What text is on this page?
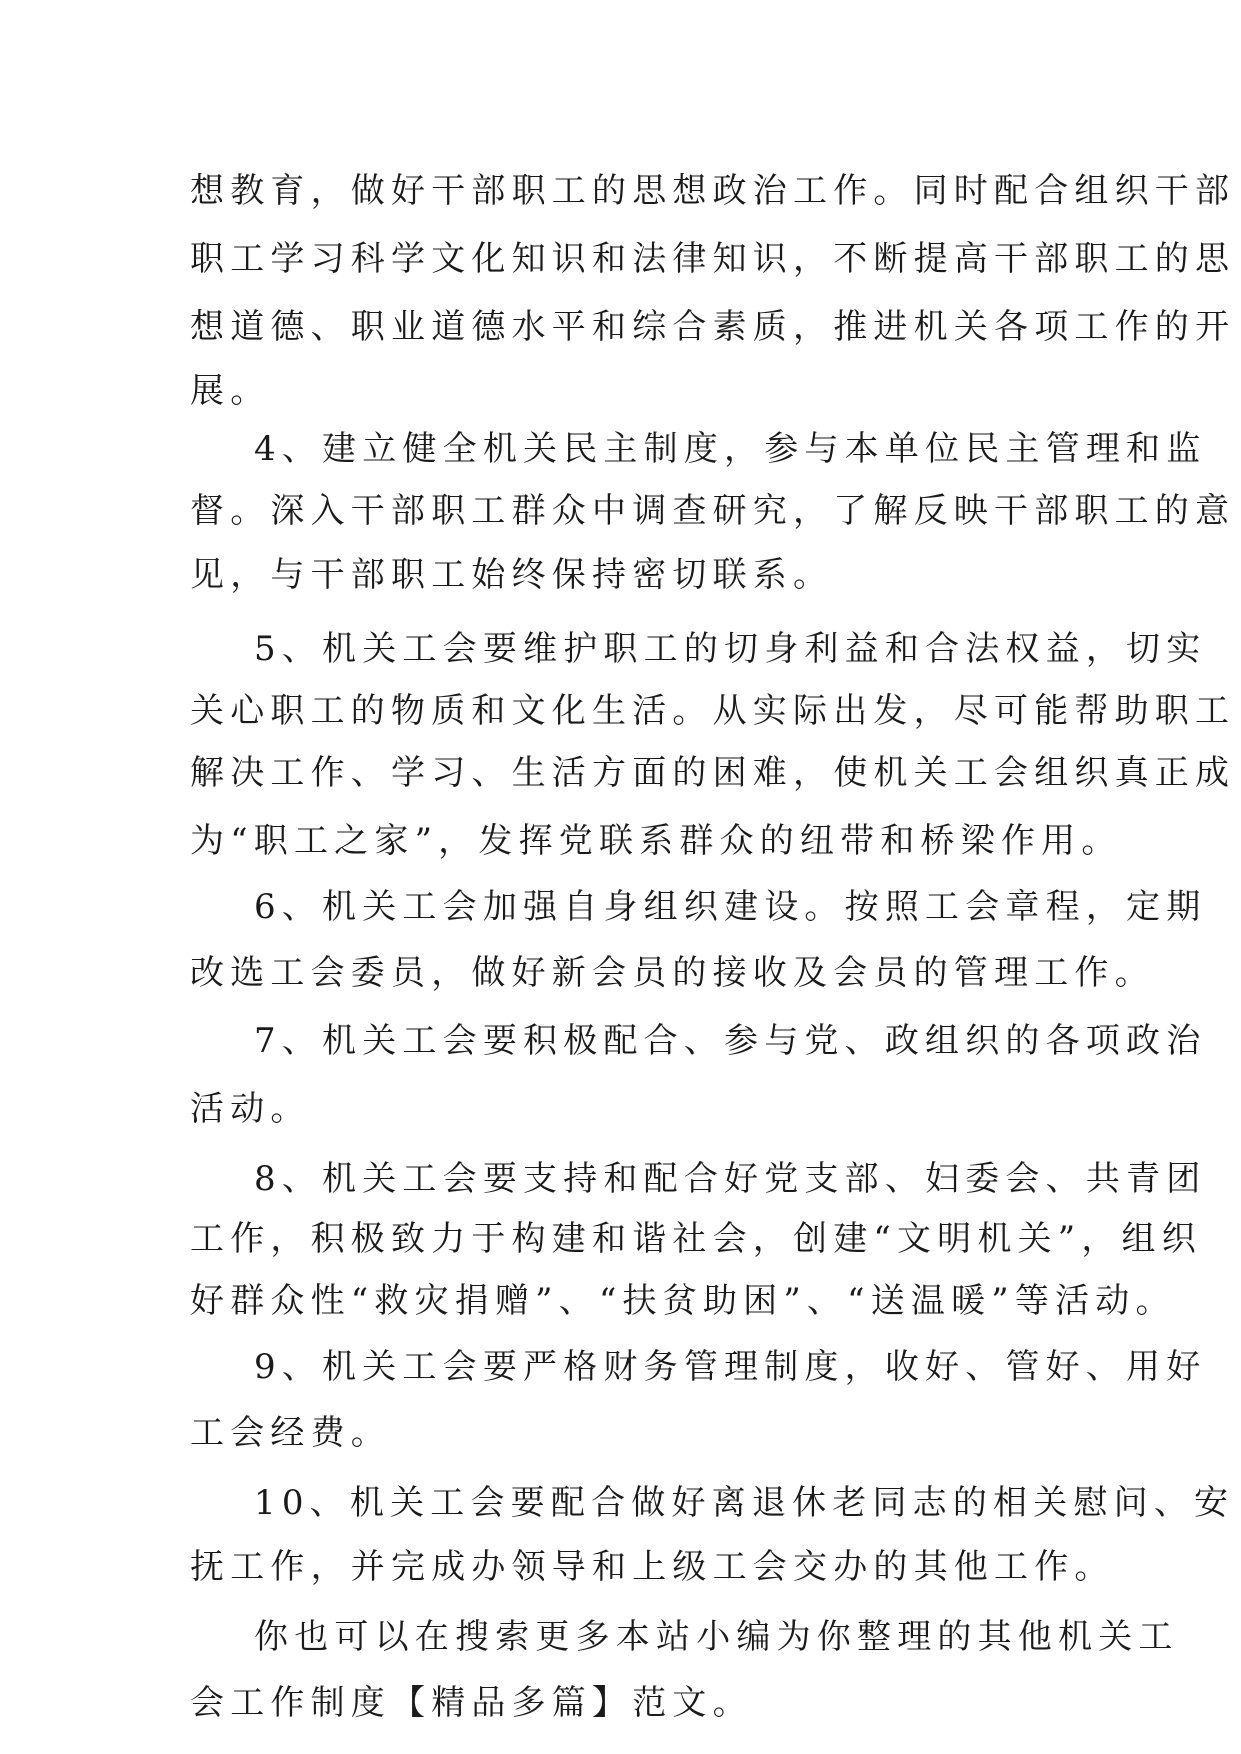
想教育，做好干部职工的思想政治工作。同时配合组织干部
职工学习科学文化知识和法律知识，不断提高干部职工的思
想道德、职业道德水平和综合素质，推进机关各项工作的开
展。
4、建立健全机关民主制度，参与本单位民主管理和监
督。深入干部职工群众中调查研究，了解反映干部职工的意
见，与干部职工始终保持密切联系。
5、机关工会要维护职工的切身利益和合法权益，切实
关心职工的物质和文化生活。从实际出发，尽可能帮助职工
解决工作、学习、生活方面的困难，使机关工会组织真正成
为“职工之家”，发挥党联系群众的纽带和桥梁作用。
6、机关工会加强自身组织建设。按照工会章程，定期
改选工会委员，做好新会员的接收及会员的管理工作。
7、机关工会要积极配合、参与党、政组织的各项政治
活动。
8、机关工会要支持和配合好党支部、妇委会、共青团
工作，积极致力于构建和谐社会，创建“文明机关”，组织
好群众性“救灾捐赠”、“扶贫助困”、“送温暖”等活动。
9、机关工会要严格财务管理制度，收好、管好、用好
工会经费。
10、机关工会要配合做好离退休老同志的相关慰问、安
抚工作，并完成办领导和上级工会交办的其他工作。
你也可以在搜索更多本站小编为你整理的其他机关工
会工作制度【精品多篇】范文。
